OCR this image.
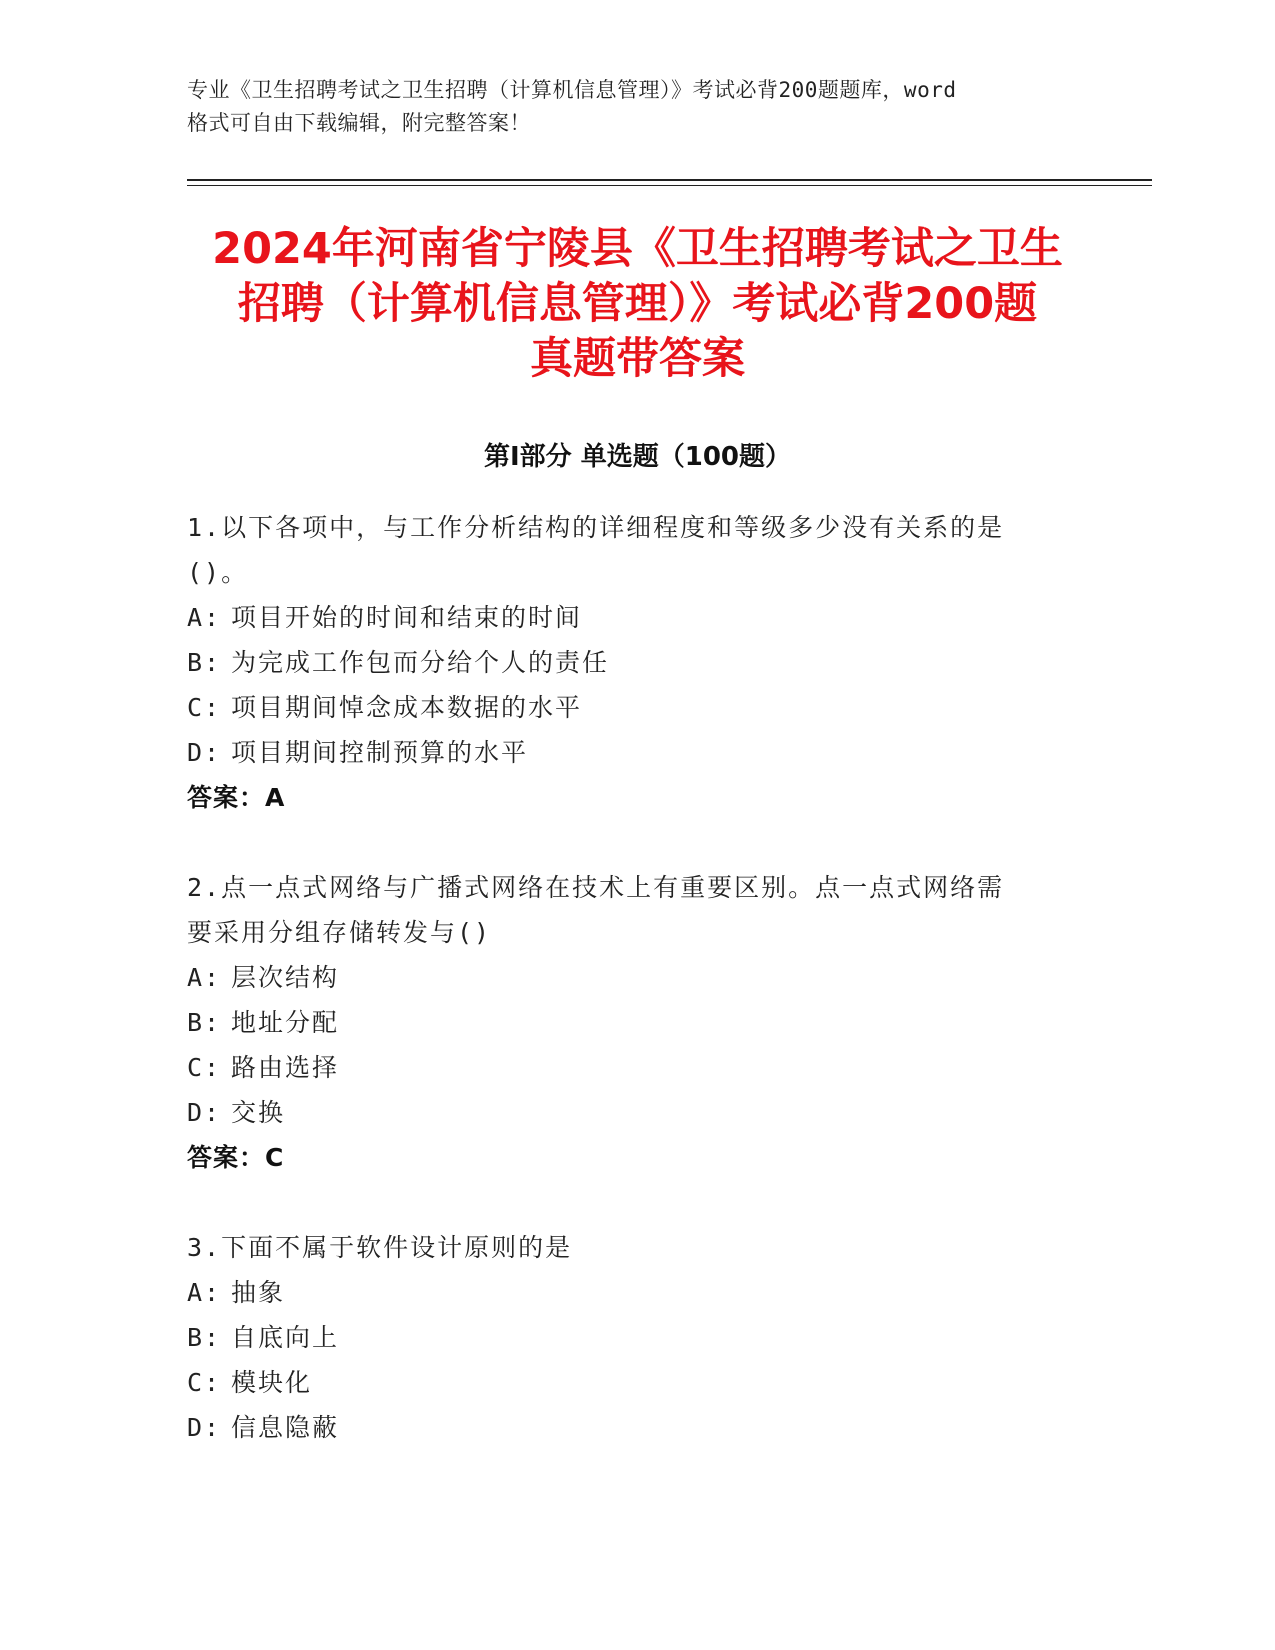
专业《卫生招聘考试之卫生招聘（计算机信息管理）》考试必背200题题库，word
格式可自由下载编辑，附完整答案！
2024年河南省宁陵县《卫生招聘考试之卫生
招聘（计算机信息管理）》考试必背200题
真题带答案
第Ⅰ部分 单选题（100题）
1.以下各项中，与工作分析结构的详细程度和等级多少没有关系的是
()。
A: 项目开始的时间和结束的时间
B: 为完成工作包而分给个人的责任
C: 项目期间悼念成本数据的水平
D: 项目期间控制预算的水平
答案：A
2.点一点式网络与广播式网络在技术上有重要区别。点一点式网络需
要采用分组存储转发与()
A: 层次结构
B: 地址分配
C: 路由选择
D: 交换
答案：C
3.下面不属于软件设计原则的是
A: 抽象
B: 自底向上
C: 模块化
D: 信息隐蔽
